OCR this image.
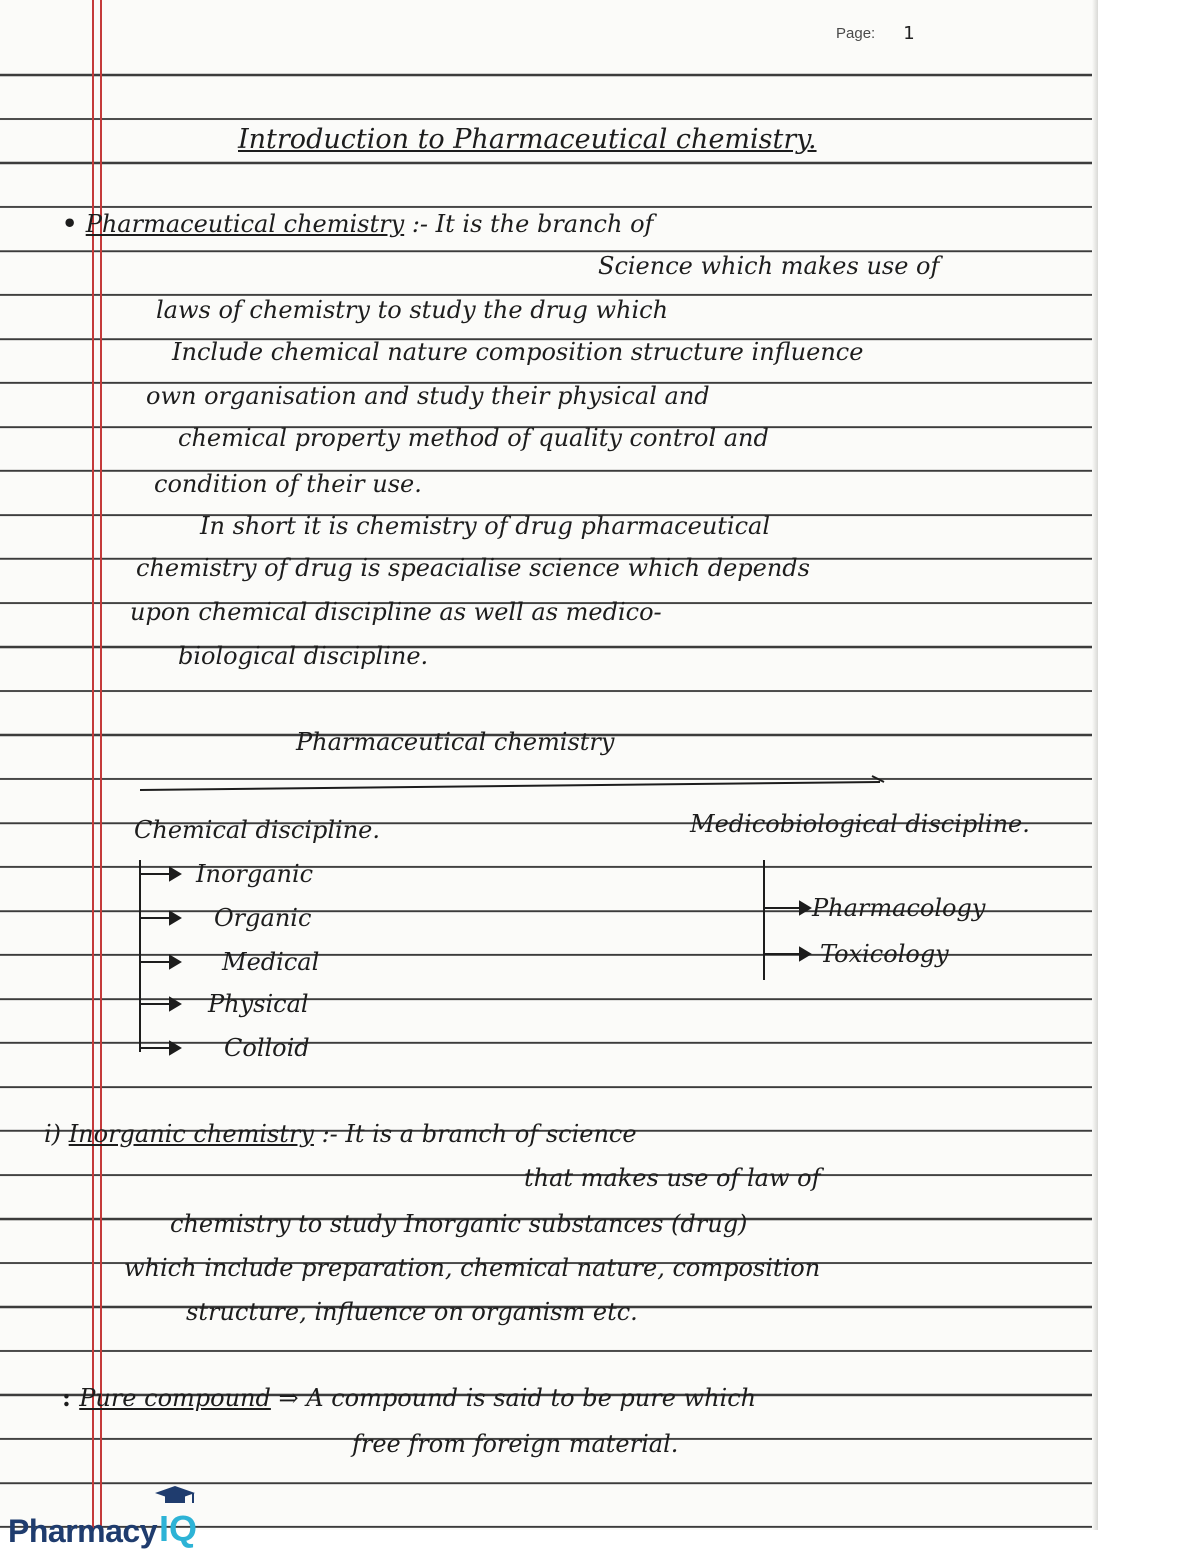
Page: 1
Introduction to Pharmaceutical chemistry.
• Pharmaceutical chemistry :- It is the branch of
Science which makes use of
laws of chemistry to study the drug which
Include chemical nature composition structure influence
own organisation and study their physical and
chemical property method of quality control and
condition of their use.
In short it is chemistry of drug pharmaceutical
chemistry of drug is speacialise science which depends
upon chemical discipline as well as medico-
biological discipline.
Pharmaceutical chemistry
Chemical discipline.	Medicobiological discipline.
Inorganic
Organic
Medical
Physical
Colloid
Pharmacology
Toxicology
i) Inorganic chemistry :- It is a branch of science
that makes use of law of
chemistry to study Inorganic substances (drug)
which include preparation, chemical nature, composition
structure, influence on organism etc.
: Pure compound ⇒ A compound is said to be pure which
free from foreign material.
Pharmacy IQ
